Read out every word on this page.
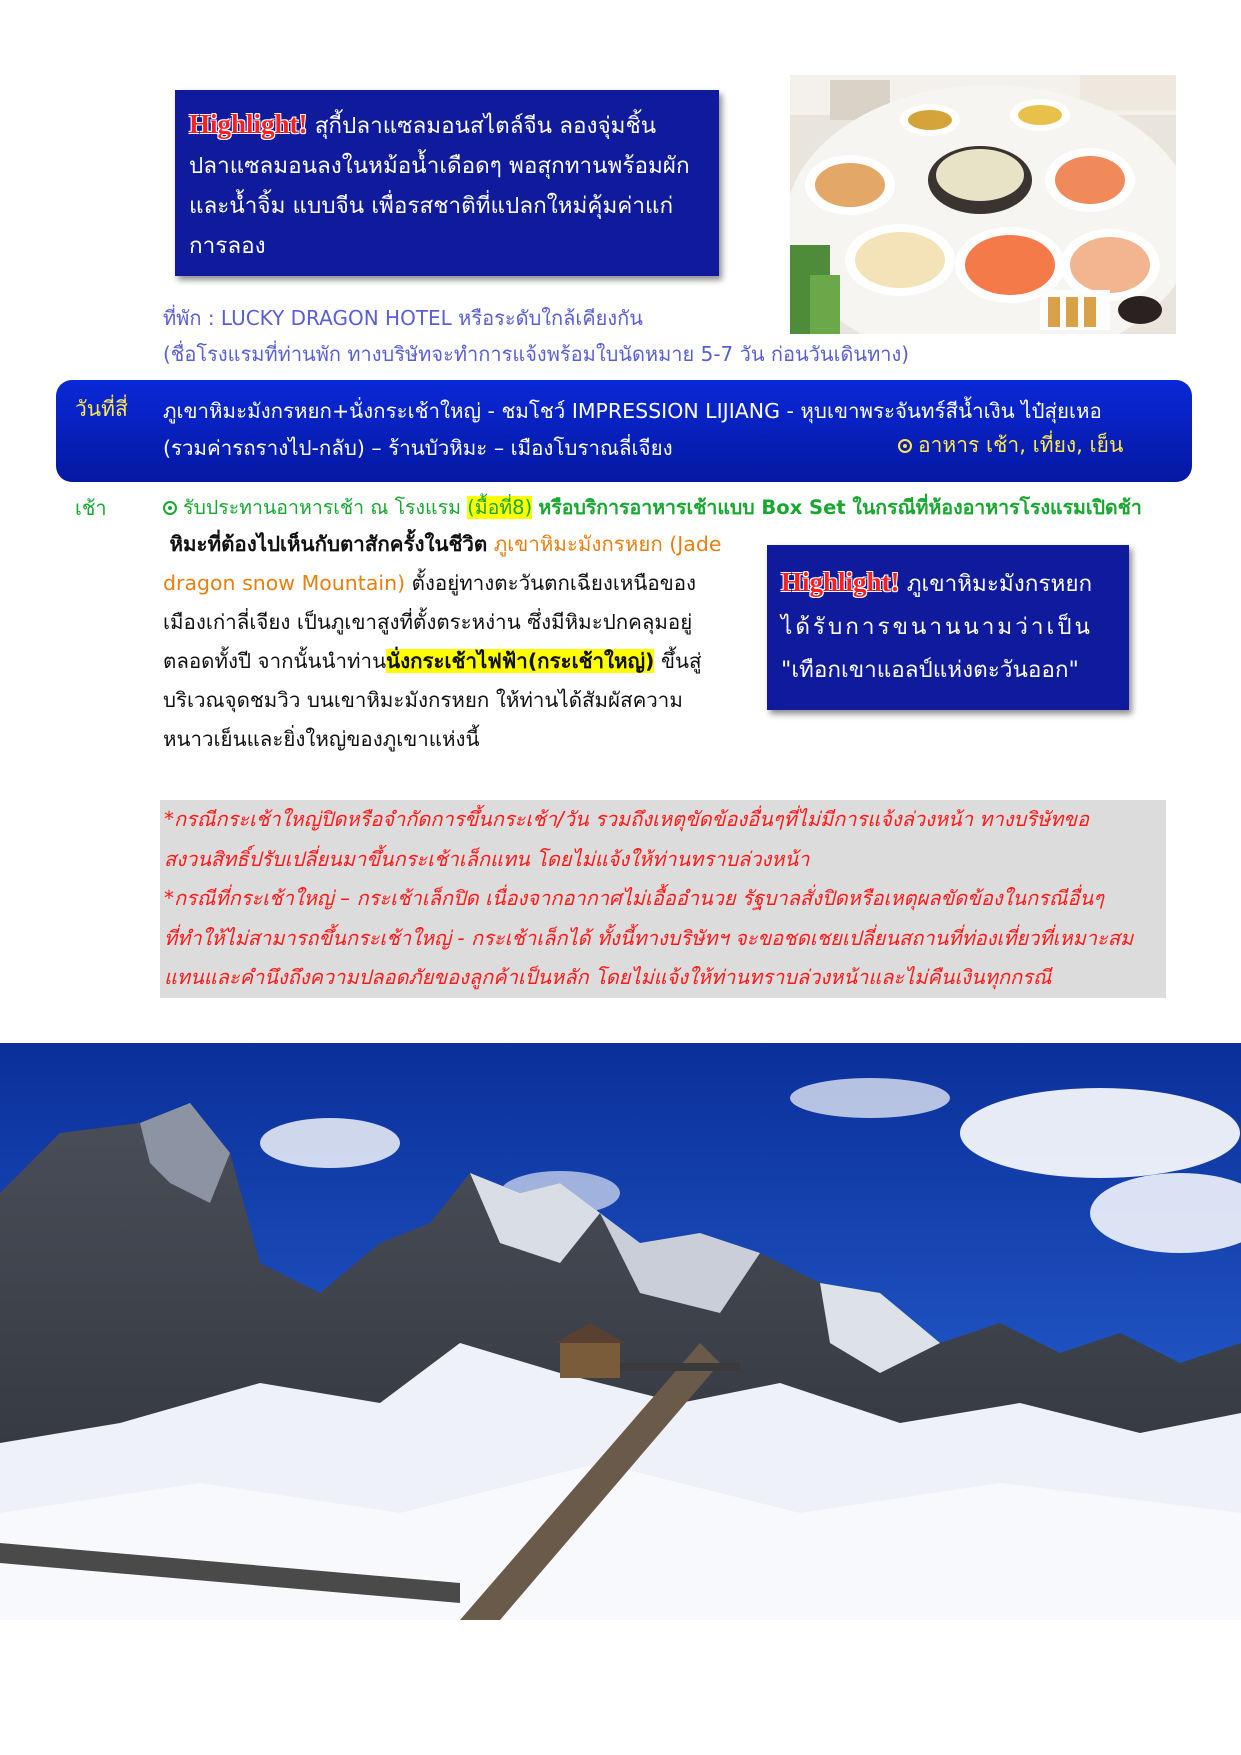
Highlight! สุกี้ปลาแซลมอนสไตล์จีน ลองจุ่มชิ้น
ปลาแซลมอนลงในหม้อน้ำเดือดๆ พอสุกทานพร้อมผัก
และน้ำจิ้ม แบบจีน เพื่อรสชาติที่แปลกใหม่คุ้มค่าแก่
การลอง
ที่พัก : LUCKY DRAGON HOTEL หรือระดับใกล้เคียงกัน
(ชื่อโรงแรมที่ท่านพัก ทางบริษัทจะทำการแจ้งพร้อมใบนัดหมาย 5-7 วัน ก่อนวันเดินทาง)
วันที่สี่ ภูเขาหิมะมังกรหยก+นั่งกระเช้าใหญ่ - ชมโชว์ IMPRESSION LIJIANG - หุบเขาพระจันทร์สีน้ำเงิน ไป๋สุ่ยเหอ
(รวมค่ารถรางไป-กลับ) – ร้านบัวหิมะ – เมืองโบราณลี่เจียง	อาหาร เช้า, เที่ยง, เย็น
เช้า	รับประทานอาหารเช้า ณ โรงแรม (มื้อที่8) หรือบริการอาหารเช้าแบบ Box Set ในกรณีที่ห้องอาหารโรงแรมเปิดช้า
หิมะที่ต้องไปเห็นกับตาสักครั้งในชีวิต ภูเขาหิมะมังกรหยก (Jade
dragon snow Mountain) ตั้งอยู่ทางตะวันตกเฉียงเหนือของ
เมืองเก่าลี่เจียง เป็นภูเขาสูงที่ตั้งตระหง่าน ซึ่งมีหิมะปกคลุมอยู่
ตลอดทั้งปี จากนั้นนำท่านนั่งกระเช้าไฟฟ้า(กระเช้าใหญ่) ขึ้นสู่
บริเวณจุดชมวิว บนเขาหิมะมังกรหยก ให้ท่านได้สัมผัสความ
หนาวเย็นและยิ่งใหญ่ของภูเขาแห่งนี้
Highlight! ภูเขาหิมะมังกรหยก
ได้รับการขนานนามว่าเป็น
"เทือกเขาแอลป์แห่งตะวันออก"
*กรณีกระเช้าใหญ่ปิดหรือจำกัดการขึ้นกระเช้า/วัน รวมถึงเหตุขัดข้องอื่นๆที่ไม่มีการแจ้งล่วงหน้า ทางบริษัทขอ
สงวนสิทธิ์ปรับเปลี่ยนมาขึ้นกระเช้าเล็กแทน โดยไม่แจ้งให้ท่านทราบล่วงหน้า
*กรณีที่กระเช้าใหญ่ – กระเช้าเล็กปิด เนื่องจากอากาศไม่เอื้ออำนวย รัฐบาลสั่งปิดหรือเหตุผลขัดข้องในกรณีอื่นๆ
ที่ทำให้ไม่สามารถขึ้นกระเช้าใหญ่ - กระเช้าเล็กได้ ทั้งนี้ทางบริษัทฯ จะขอชดเชยเปลี่ยนสถานที่ท่องเที่ยวที่เหมาะสม
แทนและคำนึงถึงความปลอดภัยของลูกค้าเป็นหลัก โดยไม่แจ้งให้ท่านทราบล่วงหน้าและไม่คืนเงินทุกกรณี
